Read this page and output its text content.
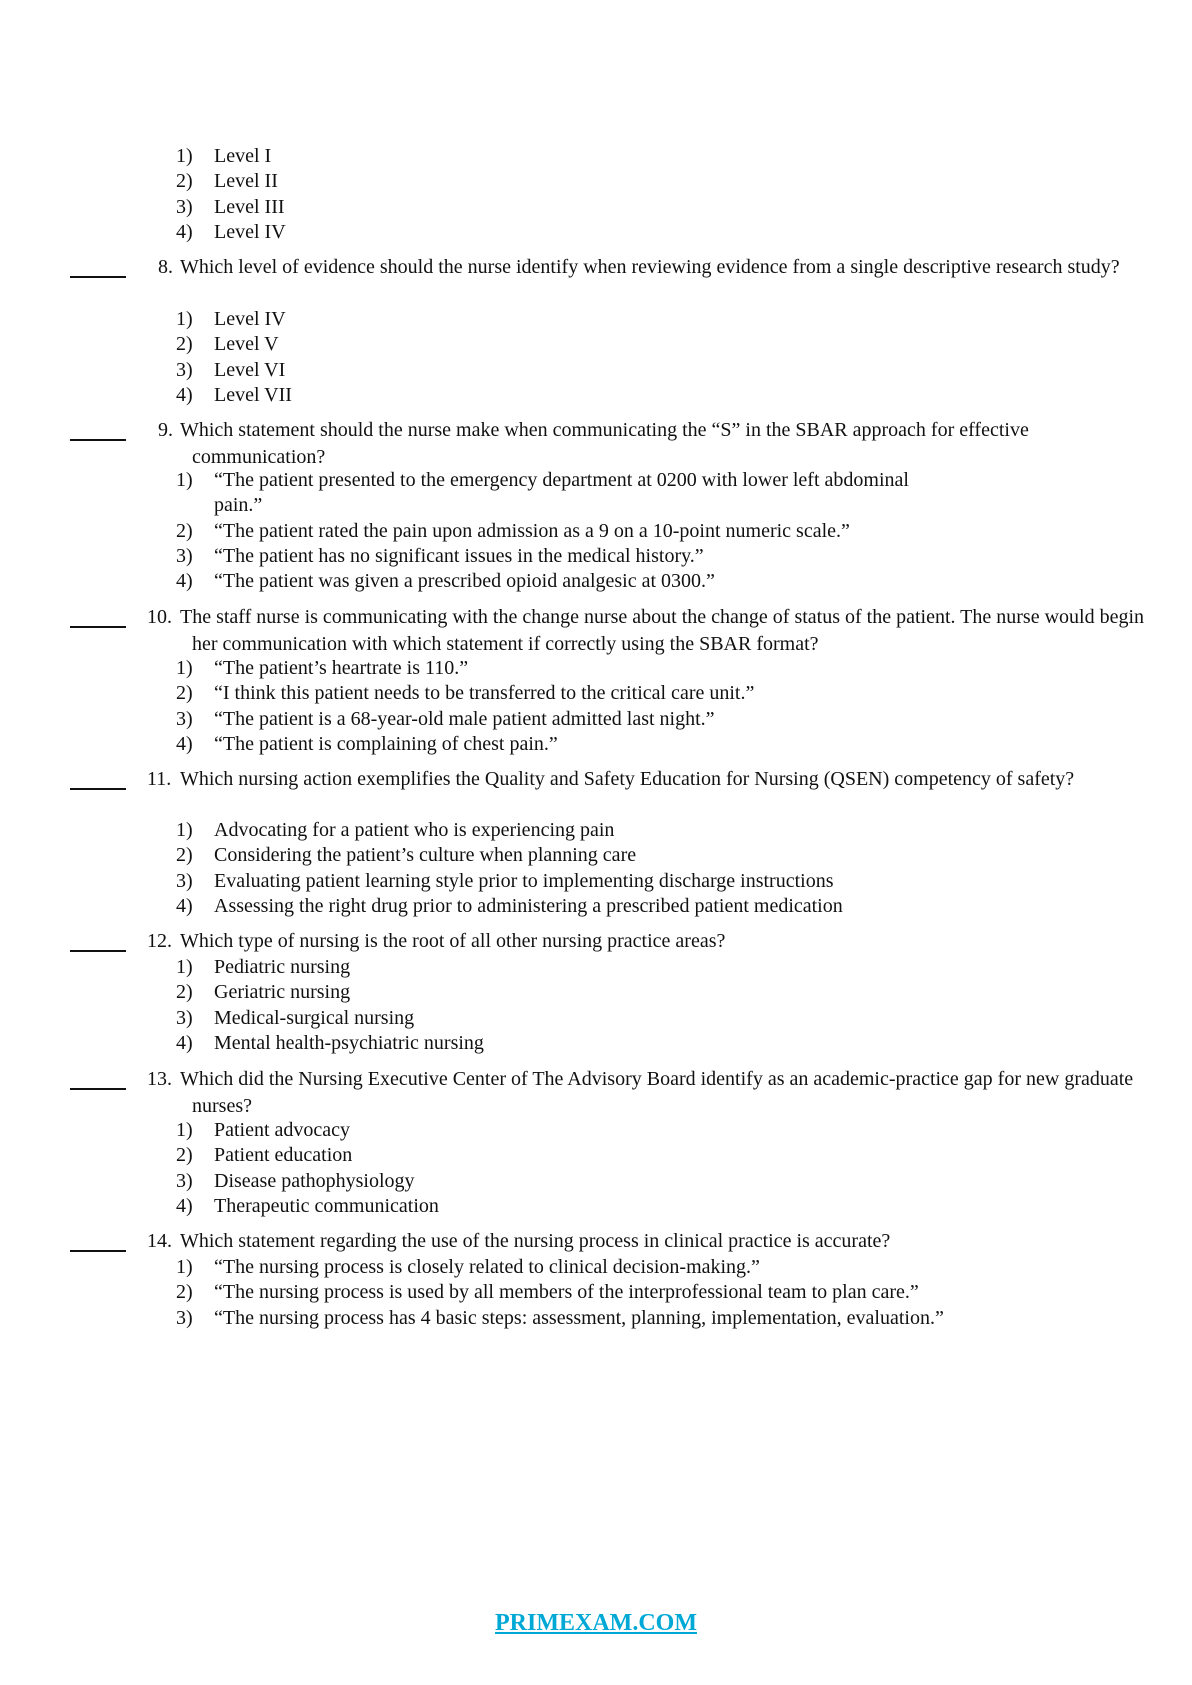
1) Level I
2) Level II
3) Level III
4) Level IV
8. Which level of evidence should the nurse identify when reviewing evidence from a single descriptive research study?
1) Level IV
2) Level V
3) Level VI
4) Level VII
9. Which statement should the nurse make when communicating the “S” in the SBAR approach for effective communication?
1) “The patient presented to the emergency department at 0200 with lower left abdominal pain.”
2) “The patient rated the pain upon admission as a 9 on a 10-point numeric scale.”
3) “The patient has no significant issues in the medical history.”
4) “The patient was given a prescribed opioid analgesic at 0300.”
10. The staff nurse is communicating with the change nurse about the change of status of the patient. The nurse would begin her communication with which statement if correctly using the SBAR format?
1) “The patient’s heartrate is 110.”
2) “I think this patient needs to be transferred to the critical care unit.”
3) “The patient is a 68-year-old male patient admitted last night.”
4) “The patient is complaining of chest pain.”
11. Which nursing action exemplifies the Quality and Safety Education for Nursing (QSEN) competency of safety?
1) Advocating for a patient who is experiencing pain
2) Considering the patient’s culture when planning care
3) Evaluating patient learning style prior to implementing discharge instructions
4) Assessing the right drug prior to administering a prescribed patient medication
12. Which type of nursing is the root of all other nursing practice areas?
1) Pediatric nursing
2) Geriatric nursing
3) Medical-surgical nursing
4) Mental health-psychiatric nursing
13. Which did the Nursing Executive Center of The Advisory Board identify as an academic-practice gap for new graduate nurses?
1) Patient advocacy
2) Patient education
3) Disease pathophysiology
4) Therapeutic communication
14. Which statement regarding the use of the nursing process in clinical practice is accurate?
1) “The nursing process is closely related to clinical decision-making.”
2) “The nursing process is used by all members of the interprofessional team to plan care.”
3) “The nursing process has 4 basic steps: assessment, planning, implementation, evaluation.”
PRIMEXAM.COM
